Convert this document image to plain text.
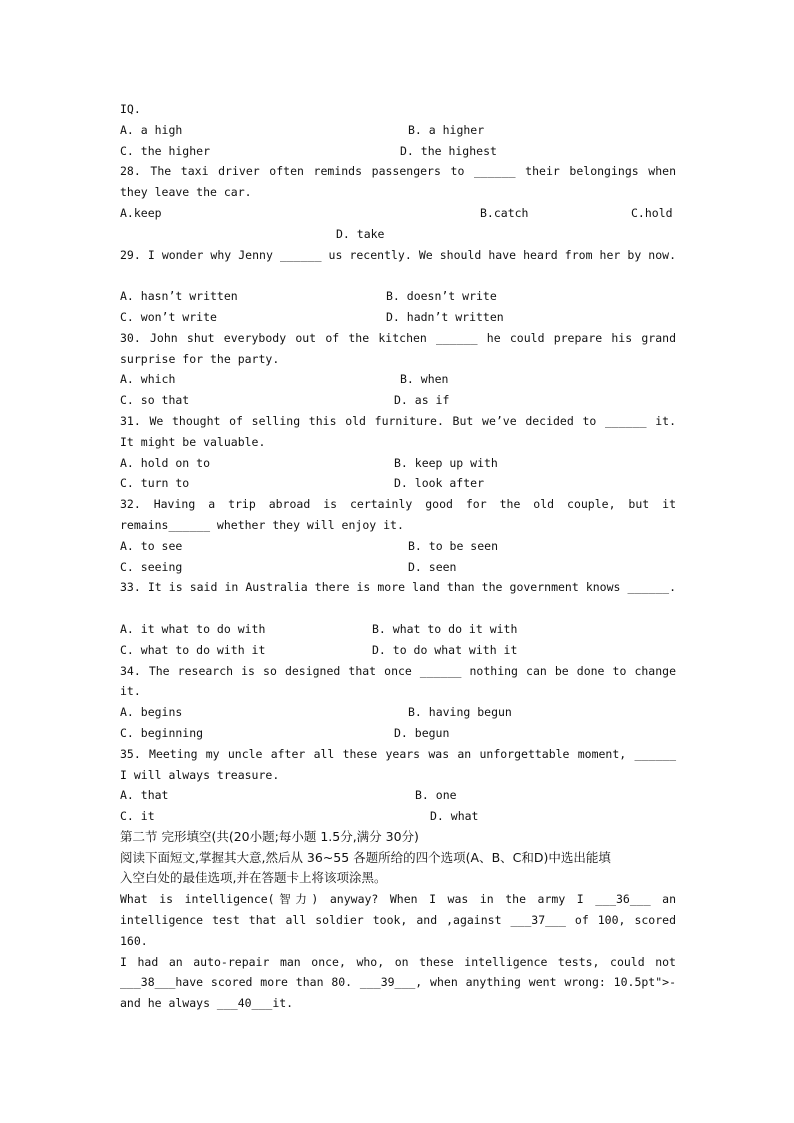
IQ.
A. a high	B. a higher
C. the higher	D. the highest
28. The taxi driver often reminds passengers to ______ their belongings when
they leave the car.
A.keep	B.catch	C.hold
D. take
29. I wonder why Jenny ______ us recently. We should have heard from her by now.
A. hasn’t written	B. doesn’t write
C. won’t write	D. hadn’t written
30. John shut everybody out of the kitchen ______ he could prepare his grand
surprise for the party.
A. which	B. when
C. so that	D. as if
31. We thought of selling this old furniture. But we’ve decided to ______ it.
It might be valuable.
A. hold on to	B. keep up with
C. turn to	D. look after
32. Having a trip abroad is certainly good for the old couple, but it
remains______ whether they will enjoy it.
A. to see	B. to be seen
C. seeing	D. seen
33. It is said in Australia there is more land than the government knows ______.
A. it what to do with	B. what to do it with
C. what to do with it	D. to do what with it
34. The research is so designed that once ______ nothing can be done to change
it.
A. begins	B. having begun
C. beginning	D. begun
35. Meeting my uncle after all these years was an unforgettable moment, ______
I will always treasure.
A. that	B. one
C. it	D. what
第二节 完形填空(共(20小题;每小题 1.5分,满分 30分)
阅读下面短文,掌握其大意,然后从 36~55 各题所给的四个选项(A、B、C和D)中选出能填
入空白处的最佳选项,并在答题卡上将该项涂黑。
What is intelligence(智力) anyway? When I was in the army I ___36___ an
intelligence test that all soldier took, and ,against ___37___ of 100, scored
160.
I had an auto-repair man once, who, on these intelligence tests, could not
___38___have scored more than 80. ___39___, when anything went wrong: 10.5pt">-
and he always ___40___it.
